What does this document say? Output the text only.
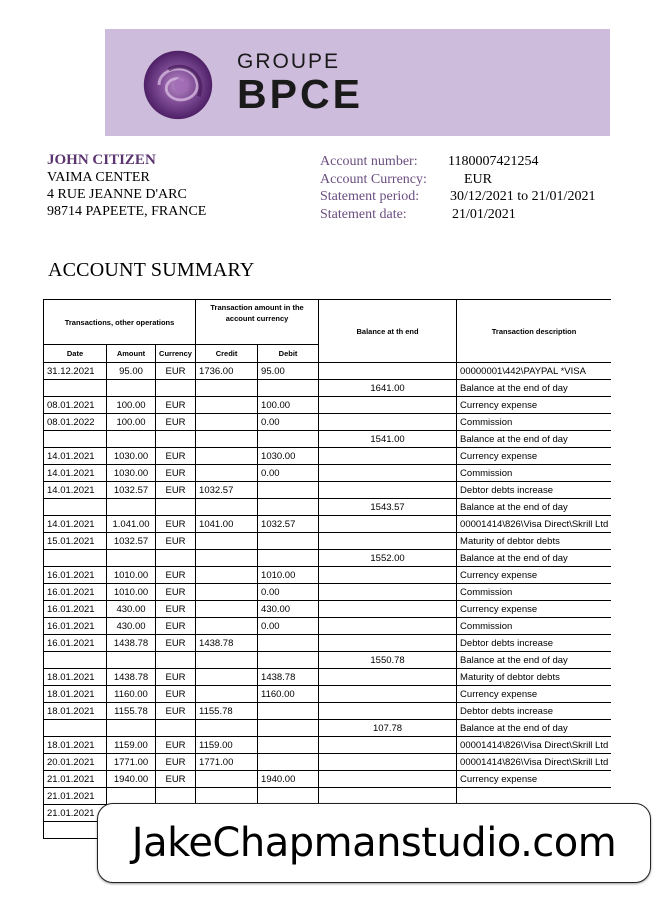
GROUPE
BPCE
JOHN CITIZEN
VAIMA CENTER
4 RUE JEANNE D'ARC
98714 PAPEETE, FRANCE
Account number: 1180007421254
Account Currency:	EUR
Statement period: 30/12/2021 to 21/01/2021
Statement date:	21/01/2021
ACCOUNT SUMMARY
Transactions, other operations			Transaction amount in the account currency		Balance at th end	Transaction description
Date	Amount	Currency	Credit	Debit		
31.12.2021	95.00	EUR	1736.00	95.00		00000001\442\PAYPAL *VISA
					1641.00	Balance at the end of day
08.01.2021	100.00	EUR		100.00		Currency expense
08.01.2022	100.00	EUR		0.00		Commission
					1541.00	Balance at the end of day
14.01.2021	1030.00	EUR		1030.00		Currency expense
14.01.2021	1030.00	EUR		0.00		Commission
14.01.2021	1032.57	EUR	1032.57			Debtor debts increase
					1543.57	Balance at the end of day
14.01.2021	1.041.00	EUR	1041.00	1032.57		00001414\826\Visa Direct\Skrill Ltd
15.01.2021	1032.57	EUR				Maturity of debtor debts
					1552.00	Balance at the end of day
16.01.2021	1010.00	EUR		1010.00		Currency expense
16.01.2021	1010.00	EUR		0.00		Commission
16.01.2021	430.00	EUR		430.00		Currency expense
16.01.2021	430.00	EUR		0.00		Commission
16.01.2021	1438.78	EUR	1438.78			Debtor debts increase
					1550.78	Balance at the end of day
18.01.2021	1438.78	EUR		1438.78		Maturity of debtor debts
18.01.2021	1160.00	EUR		1160.00		Currency expense
18.01.2021	1155.78	EUR	1155.78			Debtor debts increase
					107.78	Balance at the end of day
18.01.2021	1159.00	EUR	1159.00			00001414\826\Visa Direct\Skrill Ltd
20.01.2021	1771.00	EUR	1771.00			00001414\826\Visa Direct\Skrill Ltd
21.01.2021	1940.00	EUR		1940.00		Currency expense
21.01.2021						
21.01.2021						

JakeChapmanstudio.com
